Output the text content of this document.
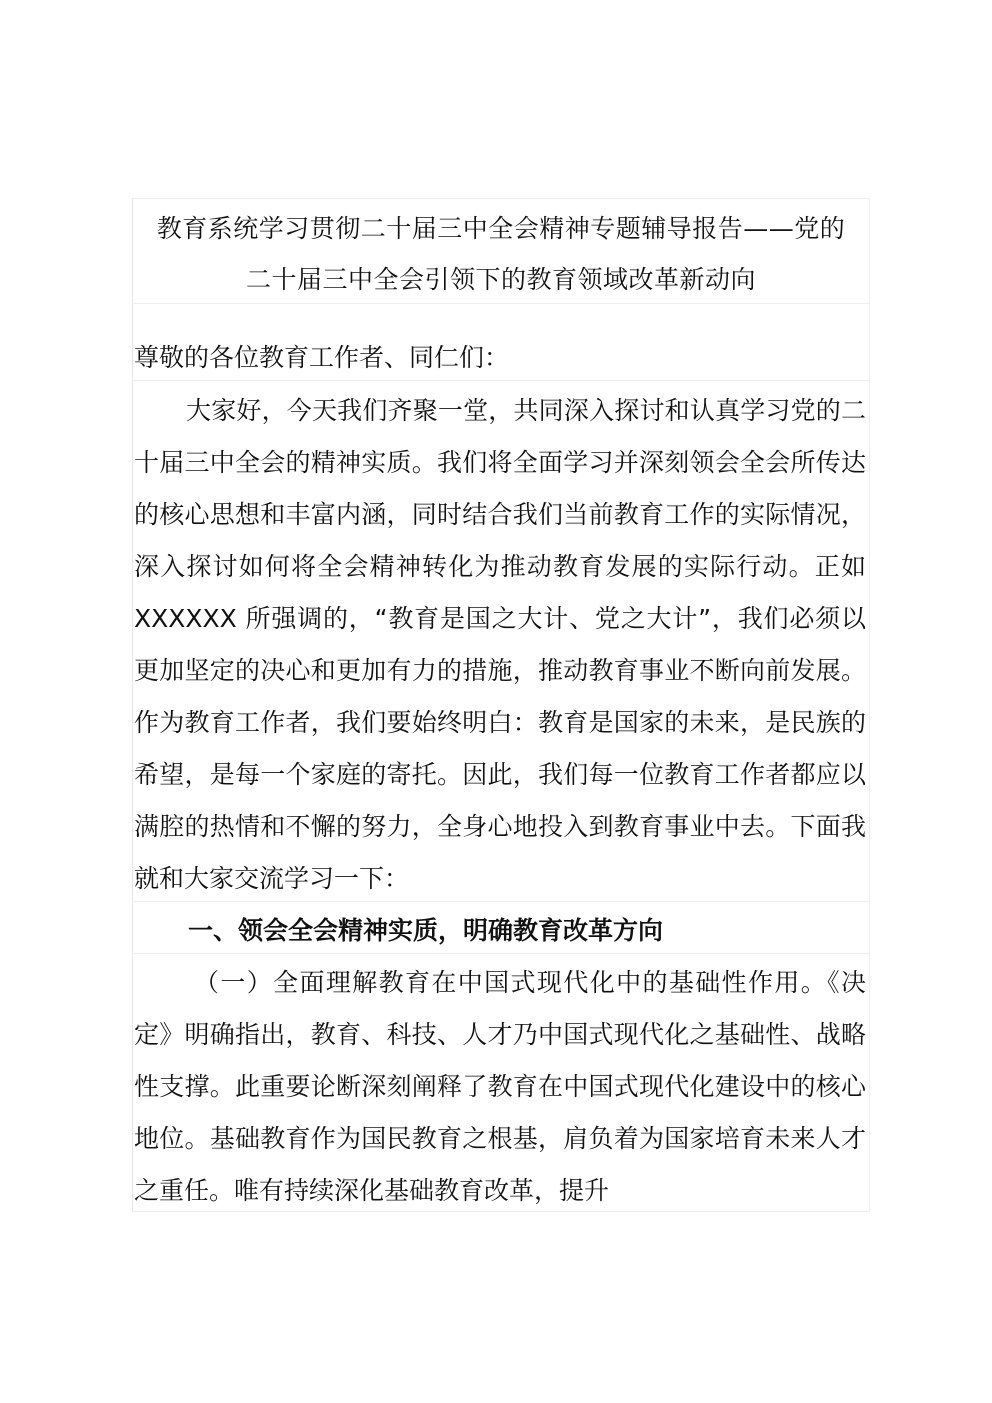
教育系统学习贯彻二十届三中全会精神专题辅导报告——党的
二十届三中全会引领下的教育领域改革新动向
尊敬的各位教育工作者、同仁们：
大家好，今天我们齐聚一堂，共同深入探讨和认真学习党的二十届三中全会的精神实质。我们将全面学习并深刻领会全会所传达的核心思想和丰富内涵，同时结合我们当前教育工作的实际情况，深入探讨如何将全会精神转化为推动教育发展的实际行动。正如 XXXXXX 所强调的，“教育是国之大计、党之大计”，我们必须以更加坚定的决心和更加有力的措施，推动教育事业不断向前发展。作为教育工作者，我们要始终明白：教育是国家的未来，是民族的希望，是每一个家庭的寄托。因此，我们每一位教育工作者都应以满腔的热情和不懈的努力，全身心地投入到教育事业中去。下面我就和大家交流学习一下：
一、领会全会精神实质，明确教育改革方向
（一）全面理解教育在中国式现代化中的基础性作用。《决定》明确指出，教育、科技、人才乃中国式现代化之基础性、战略性支撑。此重要论断深刻阐释了教育在中国式现代化建设中的核心地位。基础教育作为国民教育之根基，肩负着为国家培育未来人才之重任。唯有持续深化基础教育改革，提升
